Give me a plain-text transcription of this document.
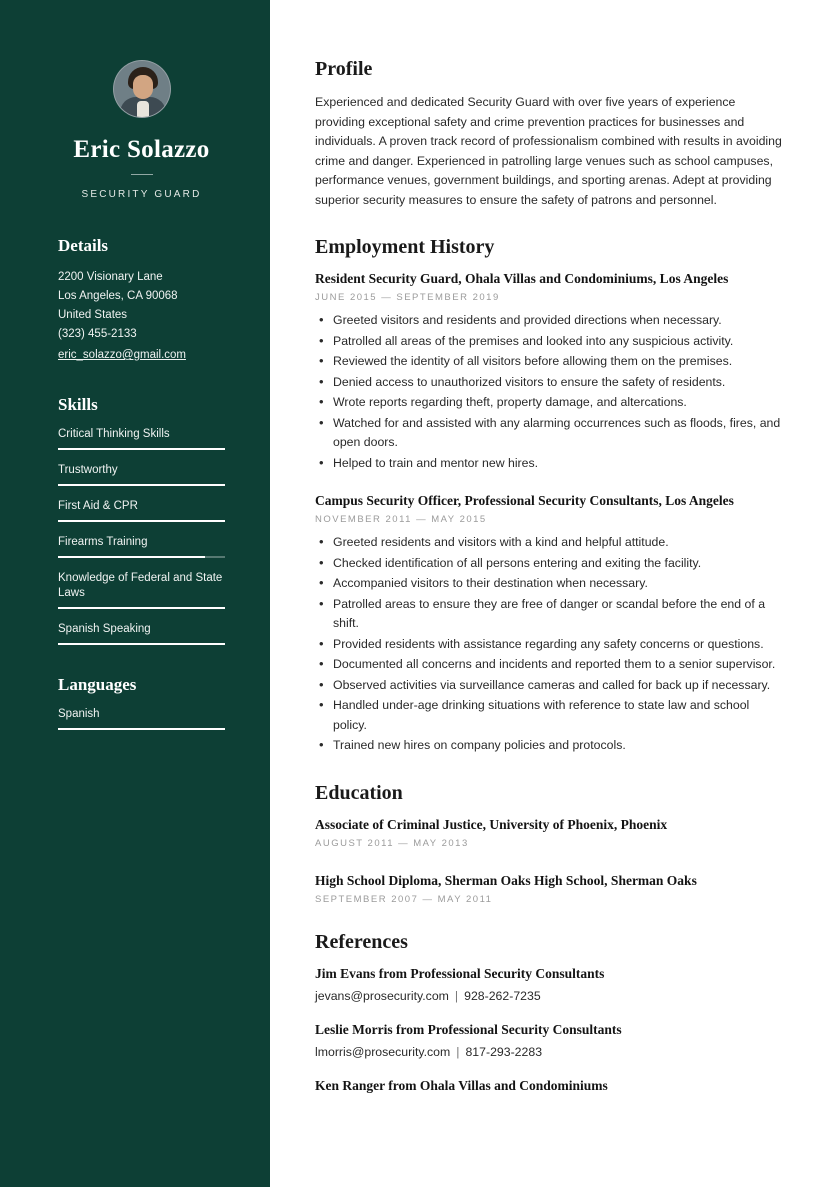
Eric Solazzo
SECURITY GUARD
Details
2200 Visionary Lane
Los Angeles, CA 90068
United States
(323) 455-2133
eric_solazzo@gmail.com
Skills
Critical Thinking Skills
Trustworthy
First Aid & CPR
Firearms Training
Knowledge of Federal and State Laws
Spanish Speaking
Languages
Spanish
Profile

Experienced and dedicated Security Guard with over five years of experience providing exceptional safety and crime prevention practices for businesses and individuals. A proven track record of professionalism combined with results in avoiding crime and danger. Experienced in patrolling large venues such as school campuses, performance venues, government buildings, and sporting arenas. Adept at providing superior security measures to ensure the safety of patrons and personnel.

Employment History
Resident Security Guard, Ohala Villas and Condominiums, Los Angeles
JUNE 2015 — SEPTEMBER 2019
• Greeted visitors and residents and provided directions when necessary.
• Patrolled all areas of the premises and looked into any suspicious activity.
• Reviewed the identity of all visitors before allowing them on the premises.
• Denied access to unauthorized visitors to ensure the safety of residents.
• Wrote reports regarding theft, property damage, and altercations.
• Watched for and assisted with any alarming occurrences such as floods, fires, and open doors.
• Helped to train and mentor new hires.
Campus Security Officer, Professional Security Consultants, Los Angeles
NOVEMBER 2011 — MAY 2015
• Greeted residents and visitors with a kind and helpful attitude.
• Checked identification of all persons entering and exiting the facility.
• Accompanied visitors to their destination when necessary.
• Patrolled areas to ensure they are free of danger or scandal before the end of a shift.
• Provided residents with assistance regarding any safety concerns or questions.
• Documented all concerns and incidents and reported them to a senior supervisor.
• Observed activities via surveillance cameras and called for back up if necessary.
• Handled under-age drinking situations with reference to state law and school policy.
• Trained new hires on company policies and protocols.
Education
Associate of Criminal Justice, University of Phoenix, Phoenix
AUGUST 2011 — MAY 2013
High School Diploma, Sherman Oaks High School, Sherman Oaks
SEPTEMBER 2007 — MAY 2011
References
Jim Evans from Professional Security Consultants
jevans@prosecurity.com | 928-262-7235
Leslie Morris from Professional Security Consultants
lmorris@prosecurity.com | 817-293-2283
Ken Ranger from Ohala Villas and Condominiums
